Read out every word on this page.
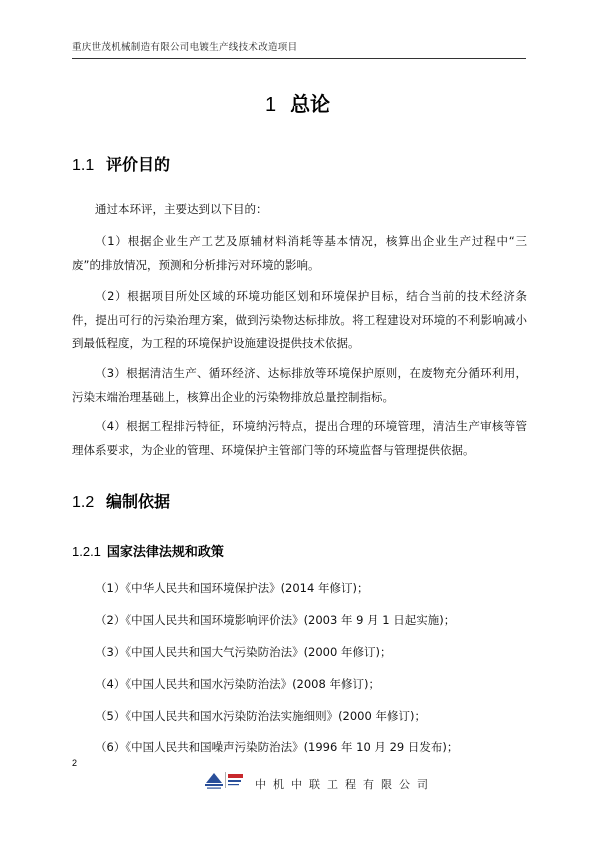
重庆世茂机械制造有限公司电镀生产线技术改造项目
1 总论
1.1 评价目的
通过本环评，主要达到以下目的：
（1）根据企业生产工艺及原辅材料消耗等基本情况，核算出企业生产过程中“三废”的排放情况，预测和分析排污对环境的影响。
（2）根据项目所处区域的环境功能区划和环境保护目标，结合当前的技术经济条件，提出可行的污染治理方案，做到污染物达标排放。将工程建设对环境的不利影响减小到最低程度，为工程的环境保护设施建设提供技术依据。
（3）根据清洁生产、循环经济、达标排放等环境保护原则，在废物充分循环利用，污染末端治理基础上，核算出企业的污染物排放总量控制指标。
（4）根据工程排污特征，环境纳污特点，提出合理的环境管理，清洁生产审核等管理体系要求，为企业的管理、环境保护主管部门等的环境监督与管理提供依据。
1.2 编制依据
1.2.1 国家法律法规和政策
（1）《中华人民共和国环境保护法》(2014 年修订)；
（2）《中国人民共和国环境影响评价法》(2003 年 9 月 1 日起实施)；
（3）《中国人民共和国大气污染防治法》(2000 年修订)；
（4）《中国人民共和国水污染防治法》(2008 年修订)；
（5）《中国人民共和国水污染防治法实施细则》(2000 年修订)；
（6）《中国人民共和国噪声污染防治法》(1996 年 10 月 29 日发布)；
2
中机中联工程有限公司
